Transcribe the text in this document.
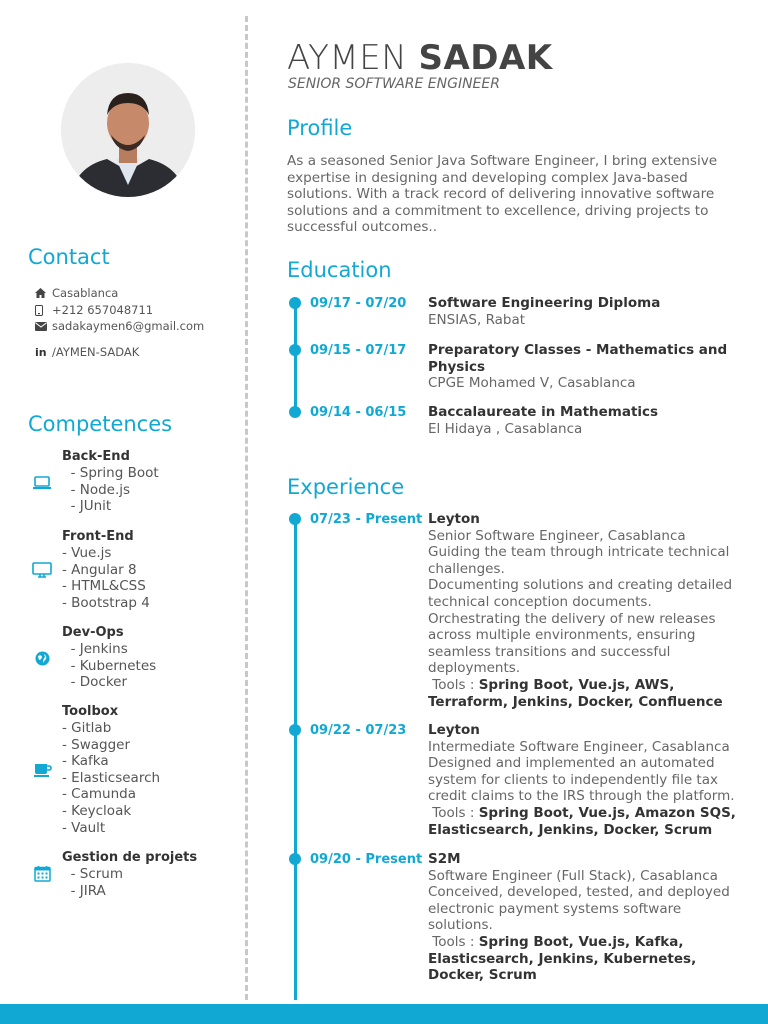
Contact
Casablanca
+212 657048711
sadakaymen6@gmail.com
in /AYMEN-SADAK
Competences
Back-End
- Spring Boot
- Node.js
- JUnit
Front-End
- Vue.js
- Angular 8
- HTML&CSS
- Bootstrap 4
Dev-Ops
- Jenkins
- Kubernetes
- Docker
Toolbox
- Gitlab
- Swagger
- Kafka
- Elasticsearch
- Camunda
- Keycloak
- Vault
Gestion de projets
- Scrum
- JIRA
AYMEN SADAK
SENIOR SOFTWARE ENGINEER
Profile
As a seasoned Senior Java Software Engineer, I bring extensive expertise in designing and developing complex Java-based solutions. With a track record of delivering innovative software solutions and a commitment to excellence, driving projects to successful outcomes..
Education
09/17 - 07/20 Software Engineering Diploma
ENSIAS, Rabat
09/15 - 07/17 Preparatory Classes - Mathematics and Physics
CPGE Mohamed V, Casablanca
09/14 - 06/15 Baccalaureate in Mathematics
El Hidaya , Casablanca
Experience
07/23 - Present Leyton
Senior Software Engineer, Casablanca
Guiding the team through intricate technical challenges.
Documenting solutions and creating detailed technical conception documents.
Orchestrating the delivery of new releases across multiple environments, ensuring seamless transitions and successful deployments.
Tools : Spring Boot, Vue.js, AWS, Terraform, Jenkins, Docker, Confluence
09/22 - 07/23 Leyton
Intermediate Software Engineer, Casablanca
Designed and implemented an automated system for clients to independently file tax credit claims to the IRS through the platform.
Tools : Spring Boot, Vue.js, Amazon SQS, Elasticsearch, Jenkins, Docker, Scrum
09/20 - Present S2M
Software Engineer (Full Stack), Casablanca
Conceived, developed, tested, and deployed electronic payment systems software solutions.
Tools : Spring Boot, Vue.js, Kafka, Elasticsearch, Jenkins, Kubernetes, Docker, Scrum
